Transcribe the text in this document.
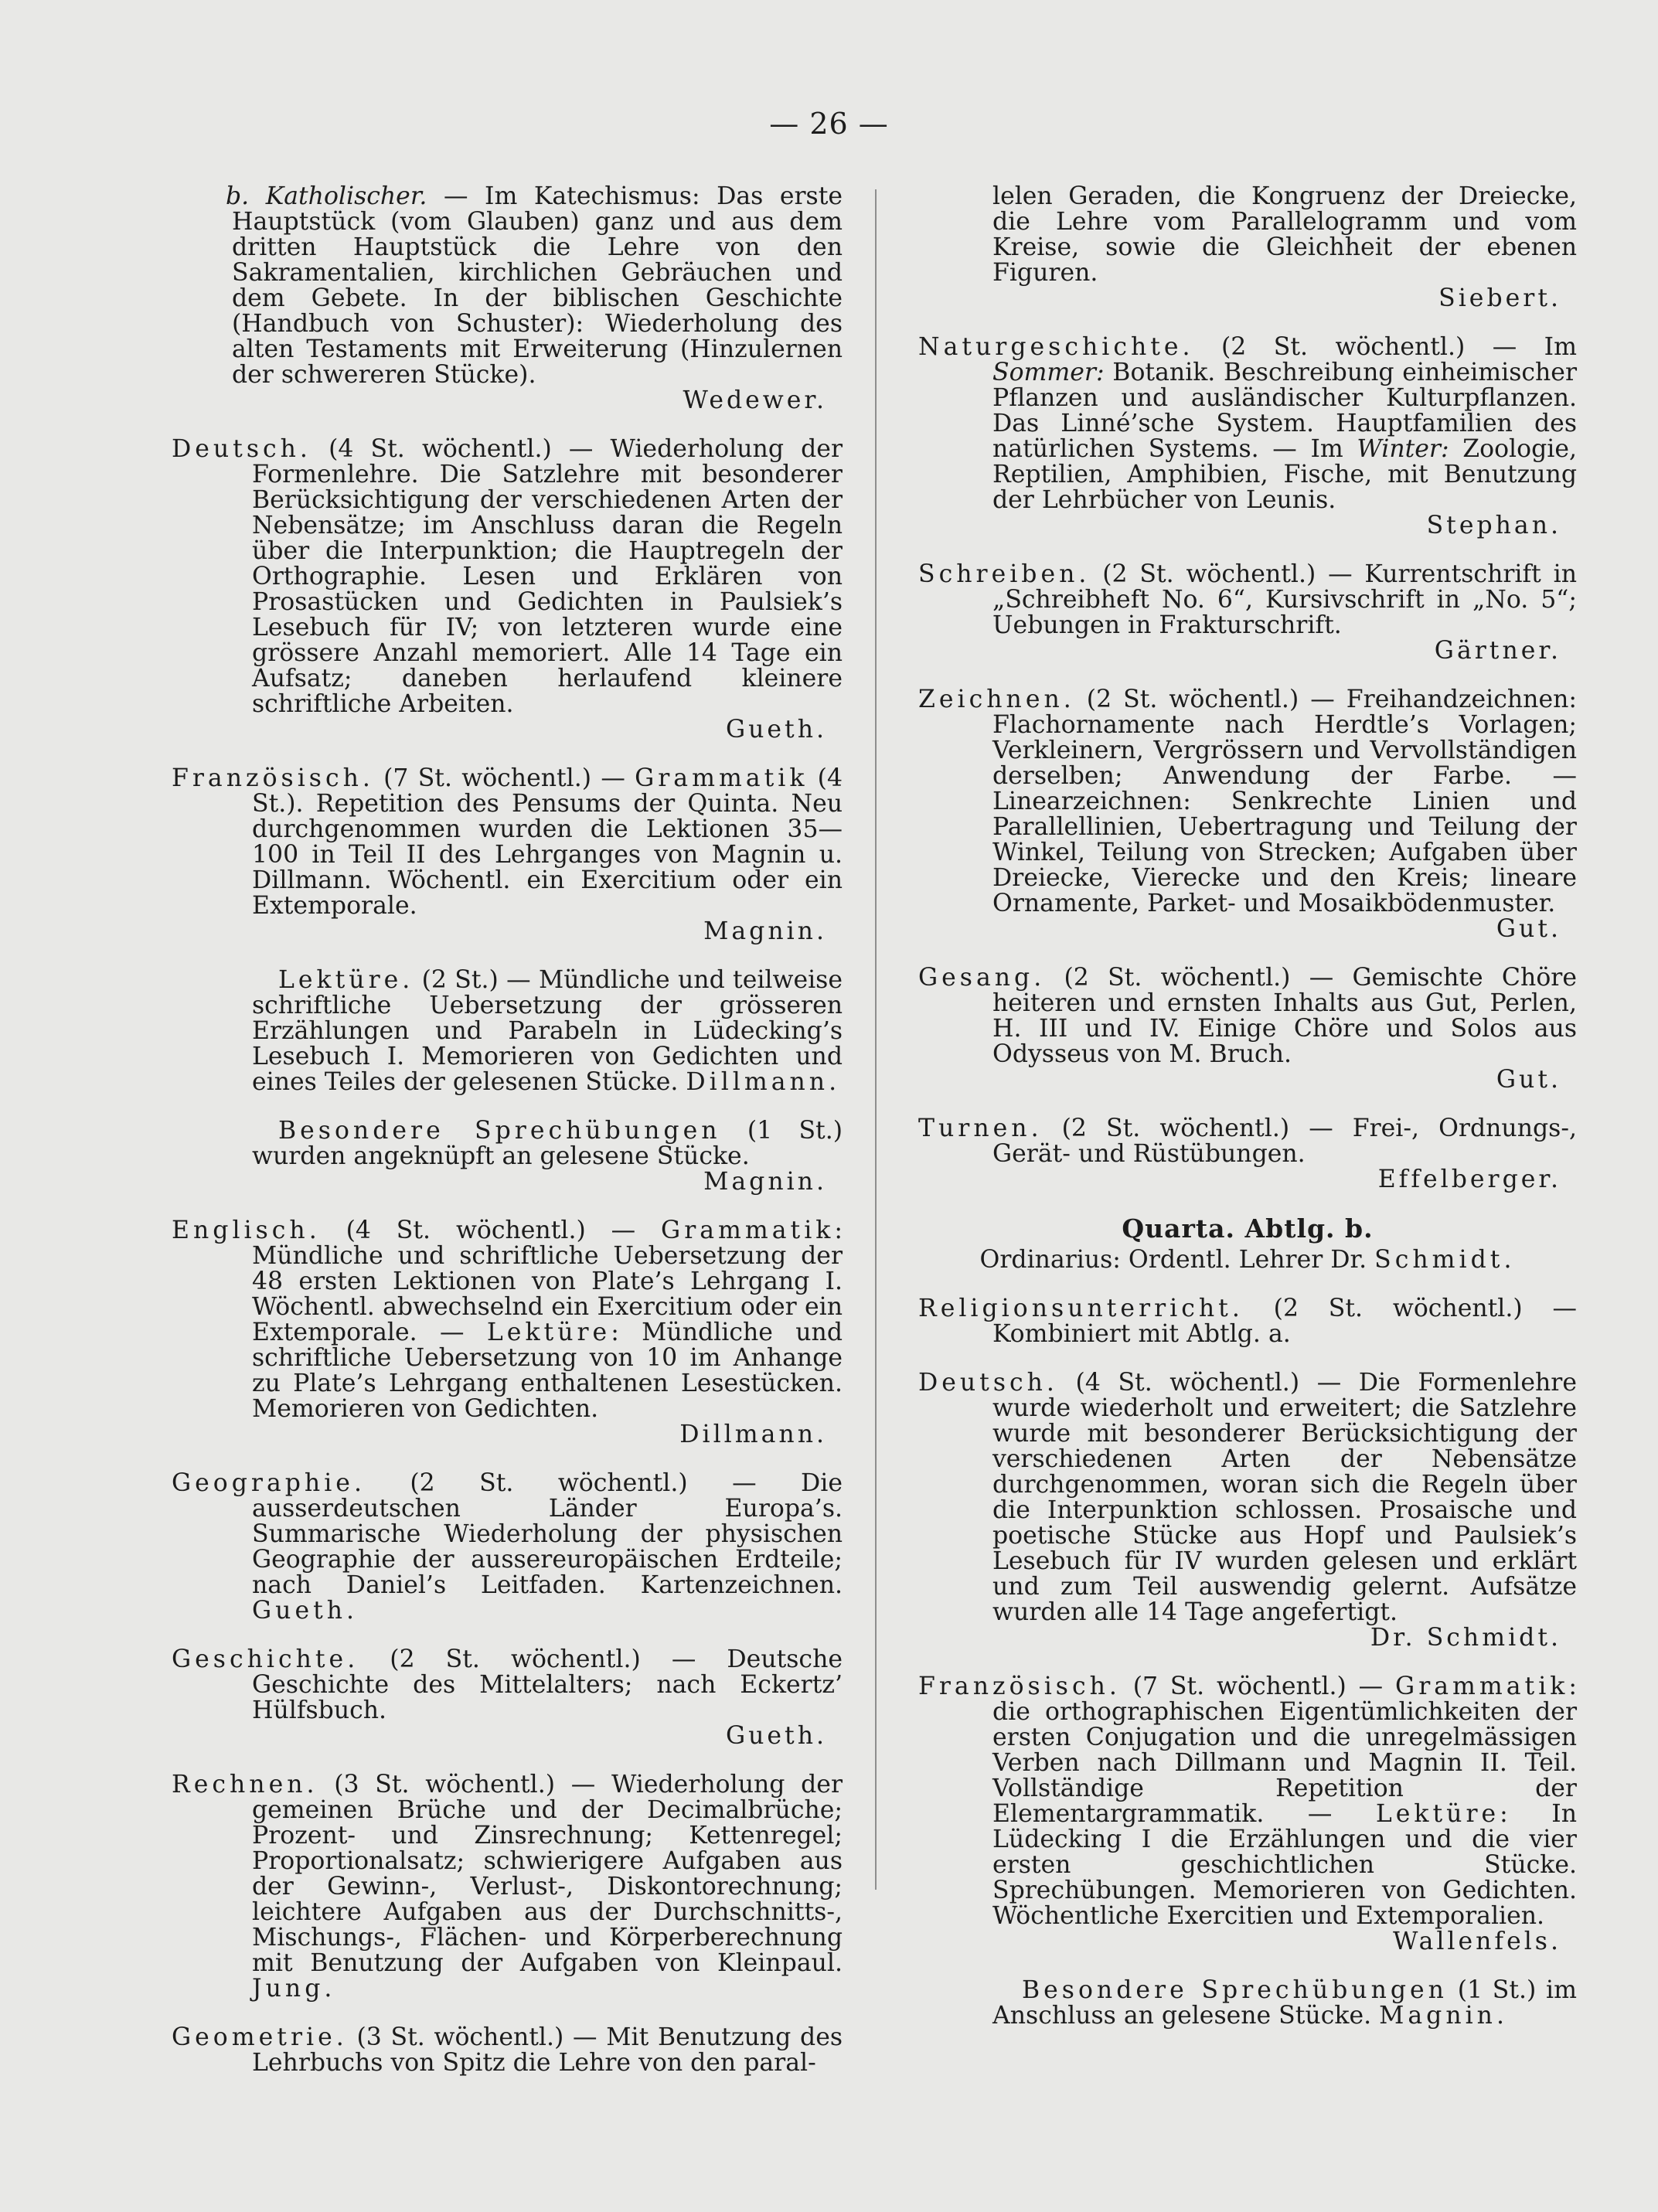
— 26 —

b. Katholischer. — Im Katechismus: Das erste Hauptstück (vom Glauben) ganz und aus dem dritten Hauptstück die Lehre von den Sakramentalien, kirchlichen Gebräuchen und dem Gebete. In der biblischen Geschichte (Handbuch von Schuster): Wiederholung des alten Testaments mit Erweiterung (Hinzulernen der schwereren Stücke).
Wedewer.

Deutsch. (4 St. wöchentl.) — Wiederholung der Formenlehre. Die Satzlehre mit besonderer Berücksichtigung der verschiedenen Arten der Nebensätze; im Anschluss daran die Regeln über die Interpunktion; die Hauptregeln der Orthographie. Lesen und Erklären von Prosastücken und Gedichten in Paulsiek’s Lesebuch für IV; von letzteren wurde eine grössere Anzahl memoriert. Alle 14 Tage ein Aufsatz; daneben herlaufend kleinere schriftliche Arbeiten.
Gueth.

Französisch. (7 St. wöchentl.) — Grammatik (4 St.). Repetition des Pensums der Quinta. Neu durchgenommen wurden die Lektionen 35—100 in Teil II des Lehrganges von Magnin u. Dillmann. Wöchentl. ein Exercitium oder ein Extemporale.
Magnin.

Lektüre. (2 St.) — Mündliche und teilweise schriftliche Uebersetzung der grösseren Erzählungen und Parabeln in Lüdecking’s Lesebuch I. Memorieren von Gedichten und eines Teiles der gelesenen Stücke. Dillmann.

Besondere Sprechübungen (1 St.) wurden angeknüpft an gelesene Stücke.
Magnin.

Englisch. (4 St. wöchentl.) — Grammatik: Mündliche und schriftliche Uebersetzung der 48 ersten Lektionen von Plate’s Lehrgang I. Wöchentl. abwechselnd ein Exercitium oder ein Extemporale. — Lektüre: Mündliche und schriftliche Uebersetzung von 10 im Anhange zu Plate’s Lehrgang enthaltenen Lesestücken. Memorieren von Gedichten.
Dillmann.

Geographie. (2 St. wöchentl.) — Die ausserdeutschen Länder Europa’s. Summarische Wiederholung der physischen Geographie der aussereuropäischen Erdteile; nach Daniel’s Leitfaden. Kartenzeichnen. Gueth.

Geschichte. (2 St. wöchentl.) — Deutsche Geschichte des Mittelalters; nach Eckertz’ Hülfsbuch.
Gueth.

Rechnen. (3 St. wöchentl.) — Wiederholung der gemeinen Brüche und der Decimalbrüche; Prozent- und Zinsrechnung; Kettenregel; Proportionalsatz; schwierigere Aufgaben aus der Gewinn-, Verlust-, Diskontorechnung; leichtere Aufgaben aus der Durchschnitts-, Mischungs-, Flächen- und Körperberechnung mit Benutzung der Aufgaben von Kleinpaul. Jung.

Geometrie. (3 St. wöchentl.) — Mit Benutzung des Lehrbuchs von Spitz die Lehre von den paral-

lelen Geraden, die Kongruenz der Dreiecke, die Lehre vom Parallelogramm und vom Kreise, sowie die Gleichheit der ebenen Figuren.
Siebert.

Naturgeschichte. (2 St. wöchentl.) — Im Sommer: Botanik. Beschreibung einheimischer Pflanzen und ausländischer Kulturpflanzen. Das Linné’sche System. Hauptfamilien des natürlichen Systems. — Im Winter: Zoologie, Reptilien, Amphibien, Fische, mit Benutzung der Lehrbücher von Leunis.
Stephan.

Schreiben. (2 St. wöchentl.) — Kurrentschrift in „Schreibheft No. 6“, Kursivschrift in „No. 5“; Uebungen in Frakturschrift.
Gärtner.

Zeichnen. (2 St. wöchentl.) — Freihandzeichnen: Flachornamente nach Herdtle’s Vorlagen; Verkleinern, Vergrössern und Vervollständigen derselben; Anwendung der Farbe. — Linearzeichnen: Senkrechte Linien und Parallellinien, Uebertragung und Teilung der Winkel, Teilung von Strecken; Aufgaben über Dreiecke, Vierecke und den Kreis; lineare Ornamente, Parket- und Mosaikbödenmuster.
Gut.

Gesang. (2 St. wöchentl.) — Gemischte Chöre heiteren und ernsten Inhalts aus Gut, Perlen, H. III und IV. Einige Chöre und Solos aus Odysseus von M. Bruch.
Gut.

Turnen. (2 St. wöchentl.) — Frei-, Ordnungs-, Gerät- und Rüstübungen.
Effelberger.

Quarta. Abtlg. b.

Ordinarius: Ordentl. Lehrer Dr. Schmidt.

Religionsunterricht. (2 St. wöchentl.) — Kombiniert mit Abtlg. a.

Deutsch. (4 St. wöchentl.) — Die Formenlehre wurde wiederholt und erweitert; die Satzlehre wurde mit besonderer Berücksichtigung der verschiedenen Arten der Nebensätze durchgenommen, woran sich die Regeln über die Interpunktion schlossen. Prosaische und poetische Stücke aus Hopf und Paulsiek’s Lesebuch für IV wurden gelesen und erklärt und zum Teil auswendig gelernt. Aufsätze wurden alle 14 Tage angefertigt.
Dr. Schmidt.

Französisch. (7 St. wöchentl.) — Grammatik: die orthographischen Eigentümlichkeiten der ersten Conjugation und die unregelmässigen Verben nach Dillmann und Magnin II. Teil. Vollständige Repetition der Elementargrammatik. — Lektüre: In Lüdecking I die Erzählungen und die vier ersten geschichtlichen Stücke. Sprechübungen. Memorieren von Gedichten. Wöchentliche Exercitien und Extemporalien.
Wallenfels.

Besondere Sprechübungen (1 St.) im Anschluss an gelesene Stücke. Magnin.
